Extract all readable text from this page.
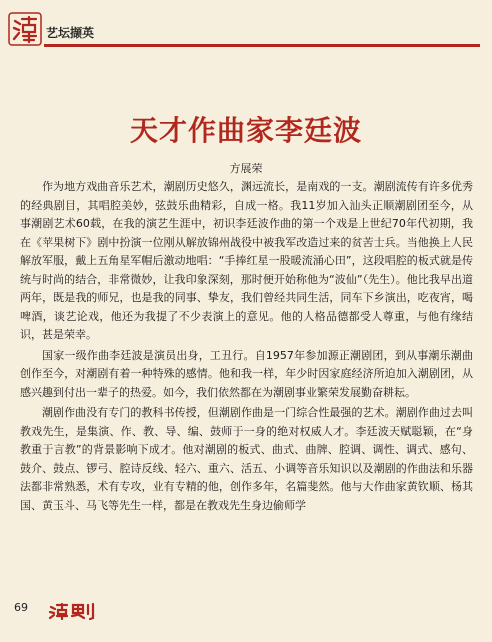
艺坛撷英
天才作曲家李廷波
方展荣

作为地方戏曲音乐艺术，潮剧历史悠久，渊远流长，是南戏的一支。潮剧流传有许多优秀的经典剧目，其唱腔美妙，弦鼓乐曲精彩，自成一格。我11岁加入汕头正顺潮剧团至今，从事潮剧艺术60载，在我的演艺生涯中，初识李廷波作曲的第一个戏是上世纪70年代初期，我在《苹果树下》剧中扮演一位刚从解放锦州战役中被我军改造过来的贫苦士兵。当他换上人民解放军服，戴上五角星军帽后激动地唱：“手捧红星一股暖流涌心田”，这段唱腔的板式就是传统与时尚的结合，非常微妙，让我印象深刻，那时便开始称他为“波仙”（先生）。他比我早出道两年，既是我的师兄，也是我的同事、挚友，我们曾经共同生活，同车下乡演出，吃夜宵，喝啤酒，谈艺论戏，他还为我提了不少表演上的意见。他的人格品德都受人尊重，与他有缘结识，甚是荣幸。

国家一级作曲李廷波是演员出身，工丑行。自1957年参加源正潮剧团，到从事潮乐潮曲创作至今，对潮剧有着一种特殊的感情。他和我一样，年少时因家庭经济所迫加入潮剧团，从感兴趣到付出一辈子的热爱。如今，我们依然都在为潮剧事业繁荣发展勤奋耕耘。

潮剧作曲没有专门的教科书传授，但潮剧作曲是一门综合性最强的艺术。潮剧作曲过去叫教戏先生，是集演、作、教、导、编、鼓师于一身的绝对权威人才。李廷波天赋聪颖，在“身教重于言教”的背景影响下成才。他对潮剧的板式、曲式、曲牌、腔调、调性、调式、感句、鼓介、鼓点、锣弓、腔诗反线、轻六、重六、活五、小调等音乐知识以及潮剧的作曲法和乐器法都非常熟悉，术有专攻，业有专精的他，创作多年，名篇斐然。他与大作曲家黄钦顺、杨其国、黄玉斗、马飞等先生一样，都是在教戏先生身边偷师学

69
